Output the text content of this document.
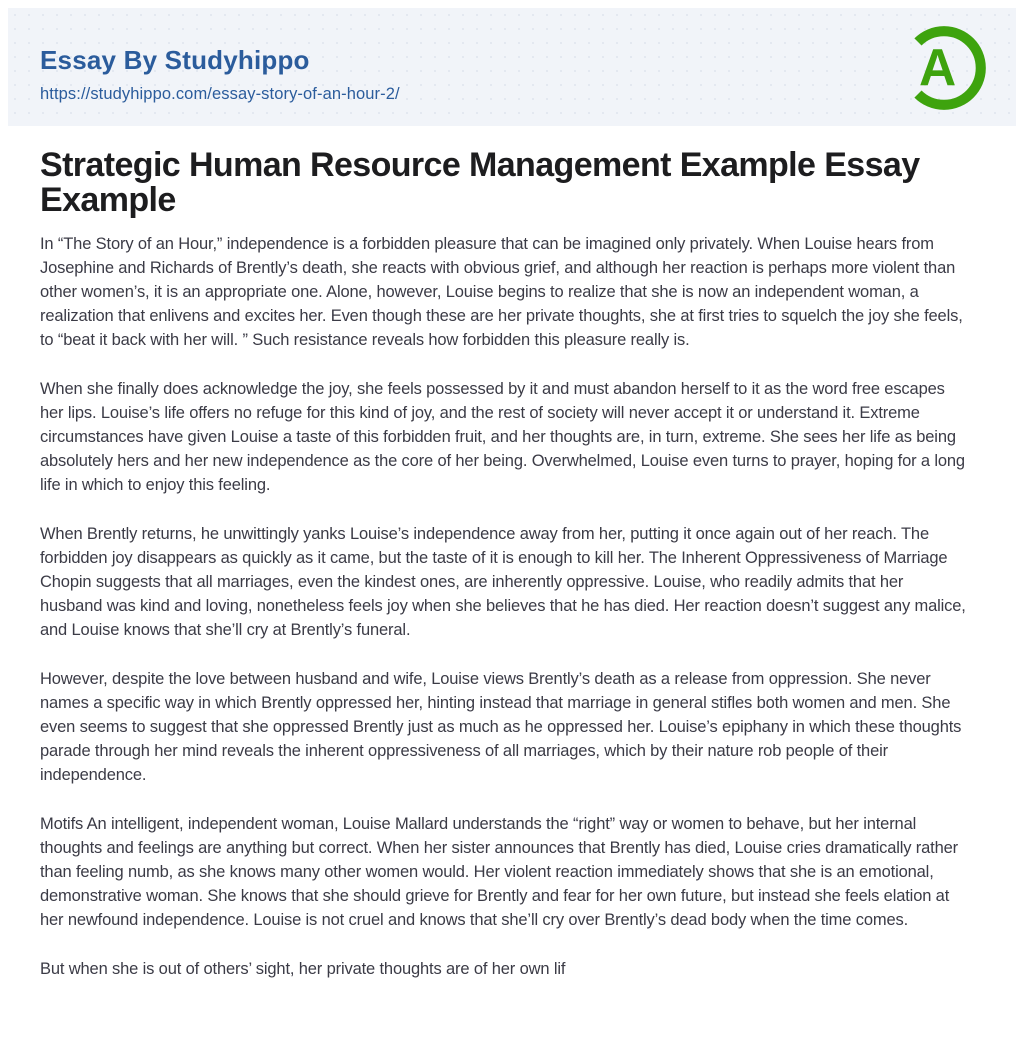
Essay By Studyhippo
https://studyhippo.com/essay-story-of-an-hour-2/	A
Strategic Human Resource Management Example Essay Example

In “The Story of an Hour,” independence is a forbidden pleasure that can be imagined only privately. When Louise hears from Josephine and Richards of Brently’s death, she reacts with obvious grief, and although her reaction is perhaps more violent than other women’s, it is an appropriate one. Alone, however, Louise begins to realize that she is now an independent woman, a realization that enlivens and excites her. Even though these are her private thoughts, she at first tries to squelch the joy she feels, to “beat it back with her will. ” Such resistance reveals how forbidden this pleasure really is.

When she finally does acknowledge the joy, she feels possessed by it and must abandon herself to it as the word free escapes her lips. Louise’s life offers no refuge for this kind of joy, and the rest of society will never accept it or understand it. Extreme circumstances have given Louise a taste of this forbidden fruit, and her thoughts are, in turn, extreme. She sees her life as being absolutely hers and her new independence as the core of her being. Overwhelmed, Louise even turns to prayer, hoping for a long life in which to enjoy this feeling.

When Brently returns, he unwittingly yanks Louise’s independence away from her, putting it once again out of her reach. The forbidden joy disappears as quickly as it came, but the taste of it is enough to kill her. The Inherent Oppressiveness of Marriage Chopin suggests that all marriages, even the kindest ones, are inherently oppressive. Louise, who readily admits that her husband was kind and loving, nonetheless feels joy when she believes that he has died. Her reaction doesn’t suggest any malice, and Louise knows that she’ll cry at Brently’s funeral.

However, despite the love between husband and wife, Louise views Brently’s death as a release from oppression. She never names a specific way in which Brently oppressed her, hinting instead that marriage in general stifles both women and men. She even seems to suggest that she oppressed Brently just as much as he oppressed her. Louise’s epiphany in which these thoughts parade through her mind reveals the inherent oppressiveness of all marriages, which by their nature rob people of their independence.

Motifs An intelligent, independent woman, Louise Mallard understands the “right” way or women to behave, but her internal thoughts and feelings are anything but correct. When her sister announces that Brently has died, Louise cries dramatically rather than feeling numb, as she knows many other women would. Her violent reaction immediately shows that she is an emotional, demonstrative woman. She knows that she should grieve for Brently and fear for her own future, but instead she feels elation at her newfound independence. Louise is not cruel and knows that she’ll cry over Brently’s dead body when the time comes.

But when she is out of others’ sight, her private thoughts are of her own lif
